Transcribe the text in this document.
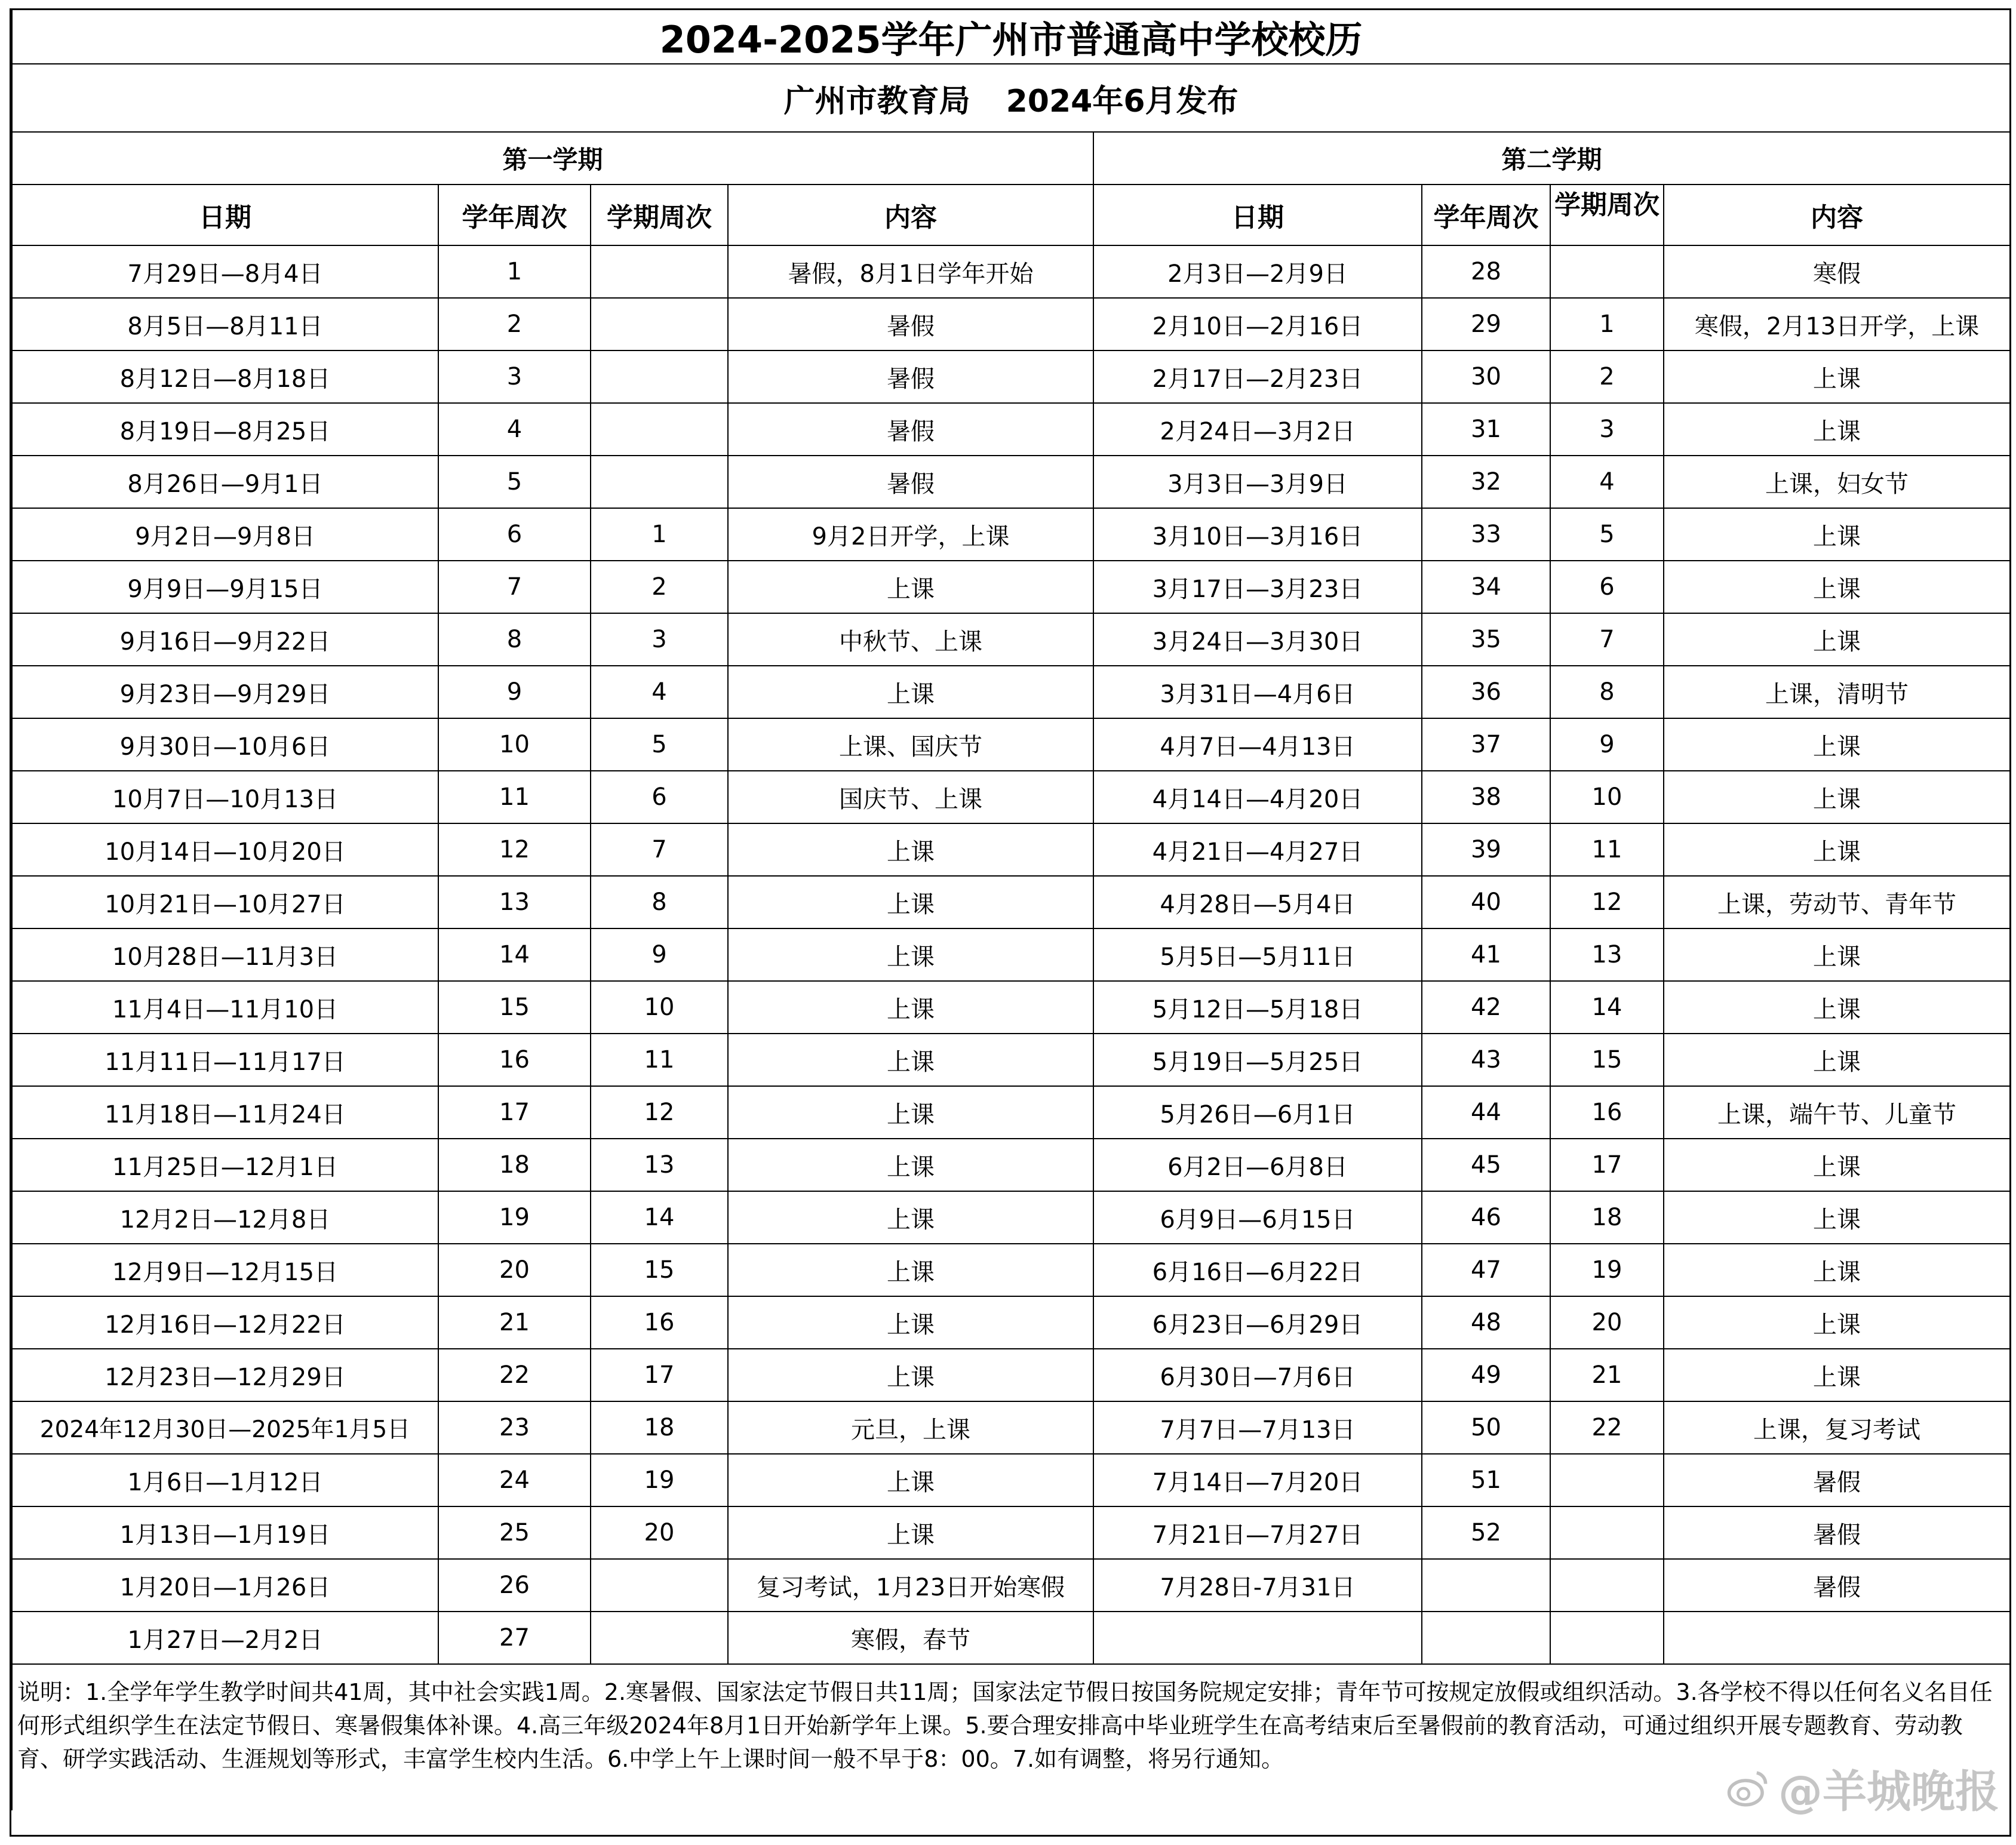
2024-2025学年广州市普通高中学校校历							
广州市教育局 2024年6月发布							
第一学期				第二学期			
日期	学年周次	学期周次	内容	日期	学年周次	学期周次	内容
7月29日—8月4日	1		暑假，8月1日学年开始	2月3日—2月9日	28		寒假
8月5日—8月11日	2		暑假	2月10日—2月16日	29	1	寒假，2月13日开学，上课
8月12日—8月18日	3		暑假	2月17日—2月23日	30	2	上课
8月19日—8月25日	4		暑假	2月24日—3月2日	31	3	上课
8月26日—9月1日	5		暑假	3月3日—3月9日	32	4	上课，妇女节
9月2日—9月8日	6	1	9月2日开学，上课	3月10日—3月16日	33	5	上课
9月9日—9月15日	7	2	上课	3月17日—3月23日	34	6	上课
9月16日—9月22日	8	3	中秋节、上课	3月24日—3月30日	35	7	上课
9月23日—9月29日	9	4	上课	3月31日—4月6日	36	8	上课，清明节
9月30日—10月6日	10	5	上课、国庆节	4月7日—4月13日	37	9	上课
10月7日—10月13日	11	6	国庆节、上课	4月14日—4月20日	38	10	上课
10月14日—10月20日	12	7	上课	4月21日—4月27日	39	11	上课
10月21日—10月27日	13	8	上课	4月28日—5月4日	40	12	上课，劳动节、青年节
10月28日—11月3日	14	9	上课	5月5日—5月11日	41	13	上课
11月4日—11月10日	15	10	上课	5月12日—5月18日	42	14	上课
11月11日—11月17日	16	11	上课	5月19日—5月25日	43	15	上课
11月18日—11月24日	17	12	上课	5月26日—6月1日	44	16	上课，端午节、儿童节
11月25日—12月1日	18	13	上课	6月2日—6月8日	45	17	上课
12月2日—12月8日	19	14	上课	6月9日—6月15日	46	18	上课
12月9日—12月15日	20	15	上课	6月16日—6月22日	47	19	上课
12月16日—12月22日	21	16	上课	6月23日—6月29日	48	20	上课
12月23日—12月29日	22	17	上课	6月30日—7月6日	49	21	上课
2024年12月30日—2025年1月5日	23	18	元旦，上课	7月7日—7月13日	50	22	上课，复习考试
1月6日—1月12日	24	19	上课	7月14日—7月20日	51		暑假
1月13日—1月19日	25	20	上课	7月21日—7月27日	52		暑假
1月20日—1月26日	26		复习考试，1月23日开始寒假	7月28日-7月31日			暑假
1月27日—2月2日	27		寒假，春节				
说明：1.全学年学生教学时间共41周，其中社会实践1周。2.寒暑假、国家法定节假日共11周；国家法定节假日按国务院规定安排；青年节可按规定放假或组织活动。3.各学校不得以任何名义名目任何形式组织学生在法定节假日、寒暑假集体补课。4.高三年级2024年8月1日开始新学年上课。5.要合理安排高中毕业班学生在高考结束后至暑假前的教育活动，可通过组织开展专题教育、劳动教育、研学实践活动、生涯规划等形式，丰富学生校内生活。6.中学上午上课时间一般不早于8：00。7.如有调整，将另行通知。							
@羊城晚报
